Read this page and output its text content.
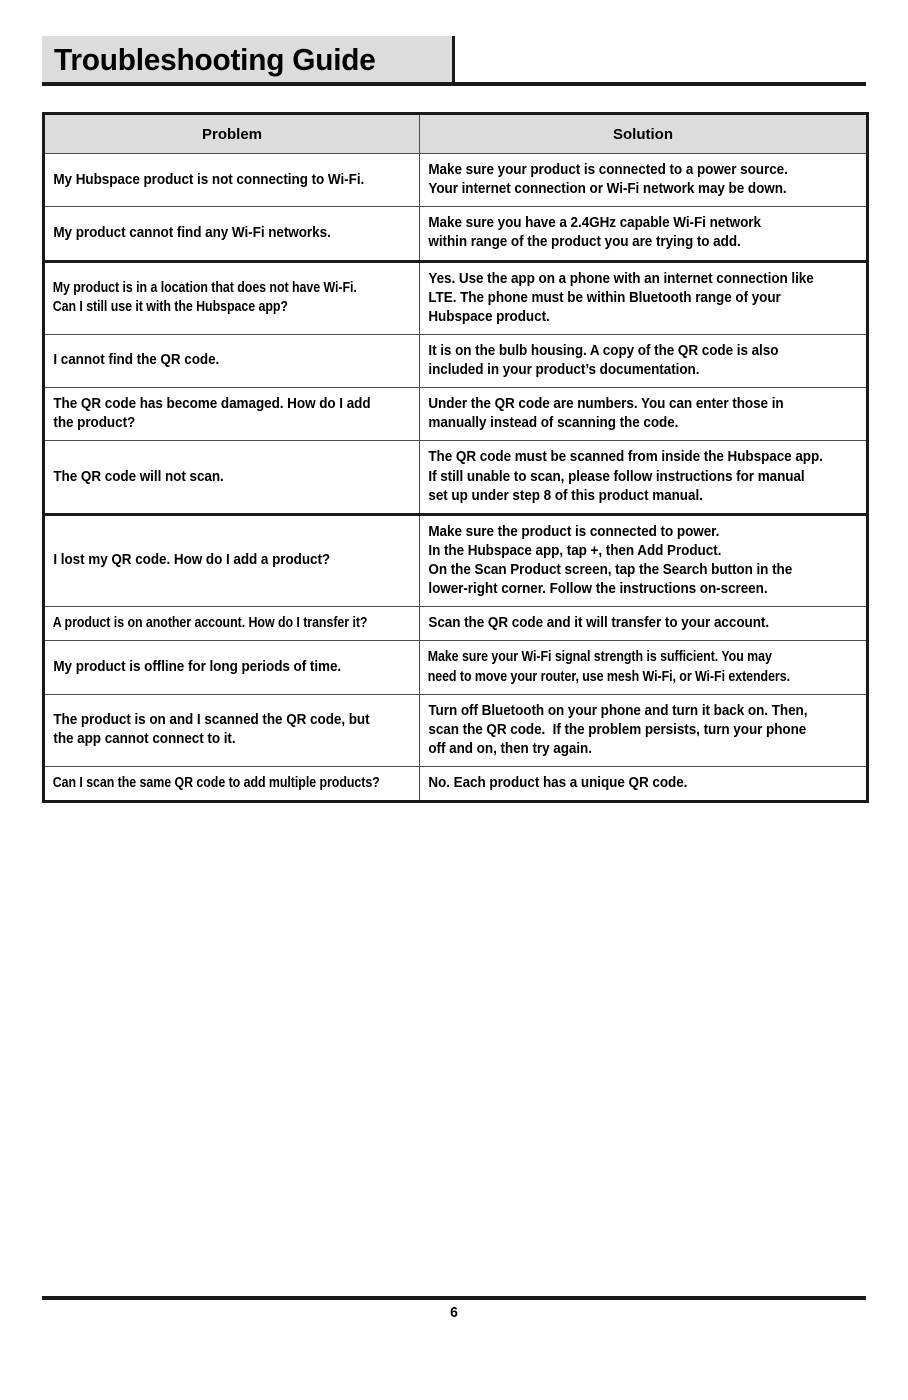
Troubleshooting Guide
Problem	Solution

My Hubspace product is not connecting to Wi-Fi.	Make sure your product is connected to a power source.
Your internet connection or Wi-Fi network may be down.

My product cannot find any Wi-Fi networks.	Make sure you have a 2.4GHz capable Wi-Fi network
within range of the product you are trying to add.

My product is in a location that does not have Wi-Fi.
Can I still use it with the Hubspace app?	Yes. Use the app on a phone with an internet connection like
LTE. The phone must be within Bluetooth range of your
Hubspace product.

I cannot find the QR code.	It is on the bulb housing. A copy of the QR code is also
included in your product’s documentation.

The QR code has become damaged. How do I add
the product?	Under the QR code are numbers. You can enter those in
manually instead of scanning the code.

The QR code will not scan.	The QR code must be scanned from inside the Hubspace app.
If still unable to scan, please follow instructions for manual
set up under step 8 of this product manual.

I lost my QR code. How do I add a product?	Make sure the product is connected to power.
In the Hubspace app, tap +, then Add Product.
On the Scan Product screen, tap the Search button in the
lower-right corner. Follow the instructions on-screen.

A product is on another account. How do I transfer it?	Scan the QR code and it will transfer to your account.

My product is offline for long periods of time.	Make sure your Wi-Fi signal strength is sufficient. You may
need to move your router, use mesh Wi-Fi, or Wi-Fi extenders.

The product is on and I scanned the QR code, but
the app cannot connect to it.	Turn off Bluetooth on your phone and turn it back on. Then,
scan the QR code.  If the problem persists, turn your phone
off and on, then try again.

Can I scan the same QR code to add multiple products?	No. Each product has a unique QR code.
6
